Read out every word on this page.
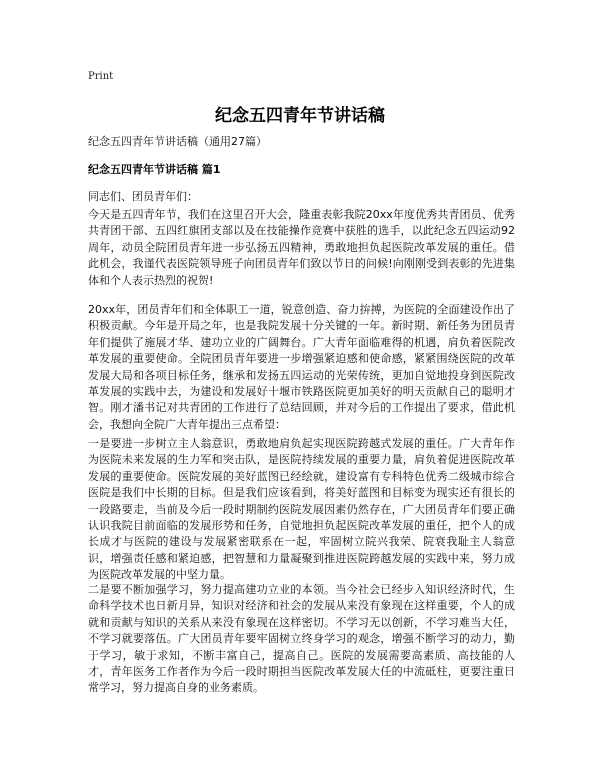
Print
纪念五四青年节讲话稿
纪念五四青年节讲话稿（通用27篇）
纪念五四青年节讲话稿 篇1
同志们、团员青年们：

今天是五四青年节，我们在这里召开大会，隆重表彰我院20xx年度优秀共青团员、优秀共青团干部、五四红旗团支部以及在技能操作竞赛中获胜的选手，以此纪念五四运动92周年，动员全院团员青年进一步弘扬五四精神，勇敢地担负起医院改革发展的重任。借此机会，我谨代表医院领导班子向团员青年们致以节日的问候!向刚刚受到表彰的先进集体和个人表示热烈的祝贺!

20xx年，团员青年们和全体职工一道，锐意创造、奋力拚搏，为医院的全面建设作出了积极贡献。今年是开局之年，也是我院发展十分关键的一年。新时期、新任务为团员青年们提供了施展才华、建功立业的广阔舞台。广大青年面临难得的机遇，肩负着医院改革发展的重要使命。全院团员青年要进一步增强紧迫感和使命感，紧紧围绕医院的改革发展大局和各项目标任务，继承和发扬五四运动的光荣传统，更加自觉地投身到医院改革发展的实践中去，为建设和发展好十堰市铁路医院更加美好的明天贡献自己的聪明才智。刚才潘书记对共青团的工作进行了总结回顾，并对今后的工作提出了要求，借此机会，我想向全院广大青年提出三点希望：

一是要进一步树立主人翁意识，勇敢地肩负起实现医院跨越式发展的重任。广大青年作为医院未来发展的生力军和突击队，是医院持续发展的重要力量，肩负着促进医院改革发展的重要使命。医院发展的美好蓝图已经绘就，建设富有专科特色优秀二级城市综合医院是我们中长期的目标。但是我们应该看到，将美好蓝图和目标变为现实还有很长的一段路要走，当前及今后一段时期制约医院发展因素仍然存在，广大团员青年们要正确认识我院目前面临的发展形势和任务，自觉地担负起医院改革发展的重任，把个人的成长成才与医院的建设与发展紧密联系在一起，牢固树立院兴我荣、院衰我耻主人翁意识，增强责任感和紧迫感，把智慧和力量凝聚到推进医院跨越发展的实践中来，努力成为医院改革发展的中坚力量。

二是要不断加强学习，努力提高建功立业的本领。当今社会已经步入知识经济时代，生命科学技术也日新月异，知识对经济和社会的发展从来没有象现在这样重要，个人的成就和贡献与知识的关系从来没有象现在这样密切。不学习无以创新，不学习难当大任，不学习就要落伍。广大团员青年要牢固树立终身学习的观念，增强不断学习的动力，勤于学习，敏于求知，不断丰富自己，提高自己。医院的发展需要高素质、高技能的人才，青年医务工作者作为今后一段时期担当医院改革发展大任的中流砥柱，更要注重日常学习，努力提高自身的业务素质。
